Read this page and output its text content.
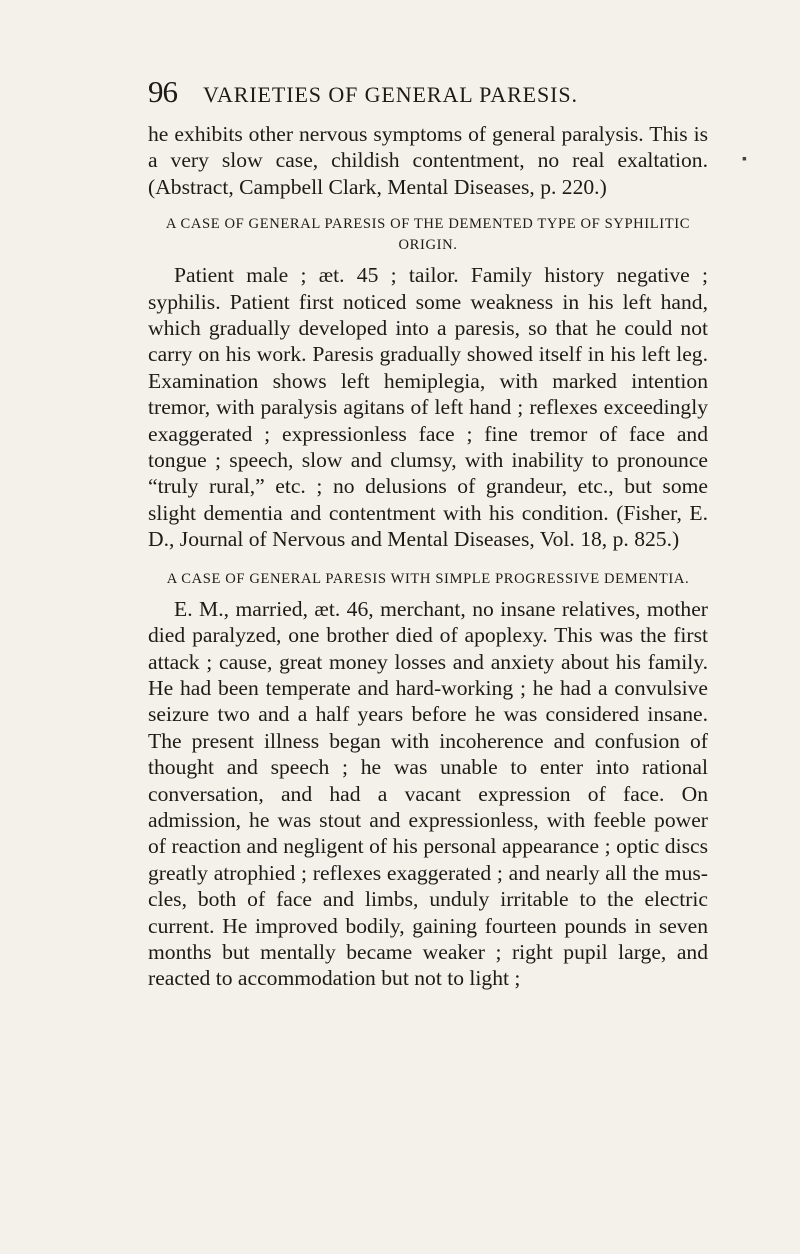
96 VARIETIES OF GENERAL PARESIS.
▪

he exhibits other nervous symptoms of general paralysis. This is a very slow case, childish contentment, no real exaltation. (Abstract, Campbell Clark, Mental Diseases, p. 220.)

A CASE OF GENERAL PARESIS OF THE DEMENTED TYPE OF SYPHILITIC ORIGIN.

Patient male ; æt. 45 ; tailor. Family history negative ; syphilis. Patient first noticed some weakness in his left hand, which gradually developed into a paresis, so that he could not carry on his work. Paresis gradually showed itself in his left leg. Examination shows left hemiplegia, with marked intention tremor, with paralysis agitans of left hand ; reflexes exceedingly exaggerated ; expressionless face ; fine tremor of face and tongue ; speech, slow and clumsy, with inability to pronounce “truly rural,” etc. ; no delusions of grandeur, etc., but some slight dementia and contentment with his condition. (Fisher, E. D., Journal of Nervous and Mental Diseases, Vol. 18, p. 825.)

A CASE OF GENERAL PARESIS WITH SIMPLE PROGRESSIVE DEMENTIA.

E. M., married, æt. 46, merchant, no insane relatives, mother died paralyzed, one brother died of apoplexy. This was the first attack ; cause, great money losses and anxiety about his family. He had been temperate and hard-working ; he had a convulsive seizure two and a half years before he was considered insane. The present illness began with incoherence and confusion of thought and speech ; he was unable to enter into rational conversation, and had a vacant expression of face. On admission, he was stout and expressionless, with feeble power of reaction and negligent of his personal appearance ; optic discs greatly atrophied ; reflexes exaggerated ; and nearly all the muscles, both of face and limbs, unduly irritable to the electric current. He improved bodily, gaining fourteen pounds in seven months but mentally became weaker ; right pupil large, and reacted to accommodation but not to light ;
